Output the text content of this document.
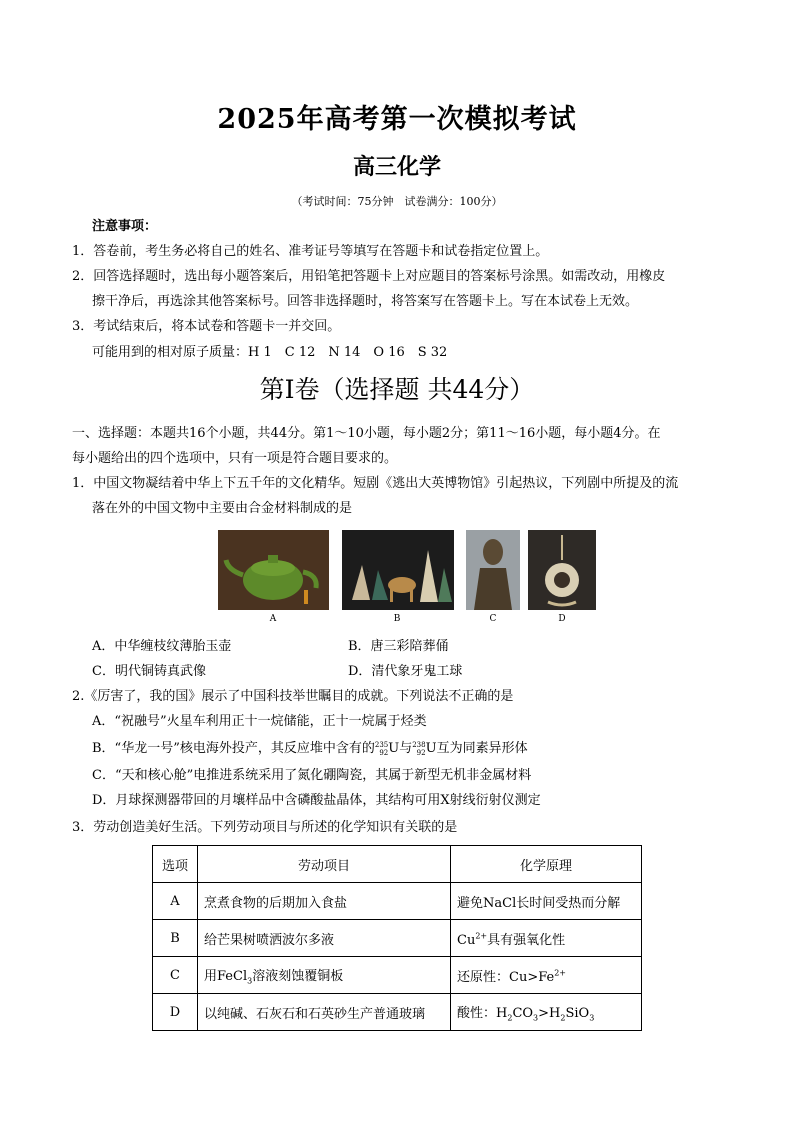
2025年高考第一次模拟考试
高三化学
（考试时间：75分钟　试卷满分：100分）
注意事项：
1．答卷前，考生务必将自己的姓名、准考证号等填写在答题卡和试卷指定位置上。
2．回答选择题时，选出每小题答案后，用铅笔把答题卡上对应题目的答案标号涂黑。如需改动，用橡皮
擦干净后，再选涂其他答案标号。回答非选择题时，将答案写在答题卡上。写在本试卷上无效。
3．考试结束后，将本试卷和答题卡一并交回。
可能用到的相对原子质量：H 1　C 12　N 14　O 16　S 32
第Ⅰ卷（选择题 共44分）
一、选择题：本题共16个小题，共44分。第1～10小题，每小题2分；第11～16小题，每小题4分。在
每小题给出的四个选项中，只有一项是符合题目要求的。
1．中国文物凝结着中华上下五千年的文化精华。短剧《逃出大英博物馆》引起热议，下列剧中所提及的流
落在外的中国文物中主要由合金材料制成的是
A	B	C	D
A．中华缠枝纹薄胎玉壶	B．唐三彩陪葬俑
C．明代铜铸真武像	D．清代象牙鬼工球
2.《厉害了，我的国》展示了中国科技举世瞩目的成就。下列说法不正确的是
A．“祝融号”火星车利用正十一烷储能，正十一烷属于烃类
B．“华龙一号”核电海外投产，其反应堆中含有的 235
92 U与 238
92 U互为同素异形体
C．“天和核心舱”电推进系统采用了氮化硼陶瓷，其属于新型无机非金属材料
D．月球探测器带回的月壤样品中含磷酸盐晶体，其结构可用X射线衍射仪测定
3．劳动创造美好生活。下列劳动项目与所述的化学知识有关联的是
选项	劳动项目	化学原理
A	烹煮食物的后期加入食盐	避免NaCl长时间受热而分解
B	给芒果树喷洒波尔多液	$Cu^{2+}$具有强氧化性
C	用FeCl$_3$溶液刻蚀覆铜板	还原性：$Cu>Fe^{2+}$
D	以纯碱、石灰石和石英砂生产普通玻璃	酸性：$H_2CO_3>H_2SiO_3$
